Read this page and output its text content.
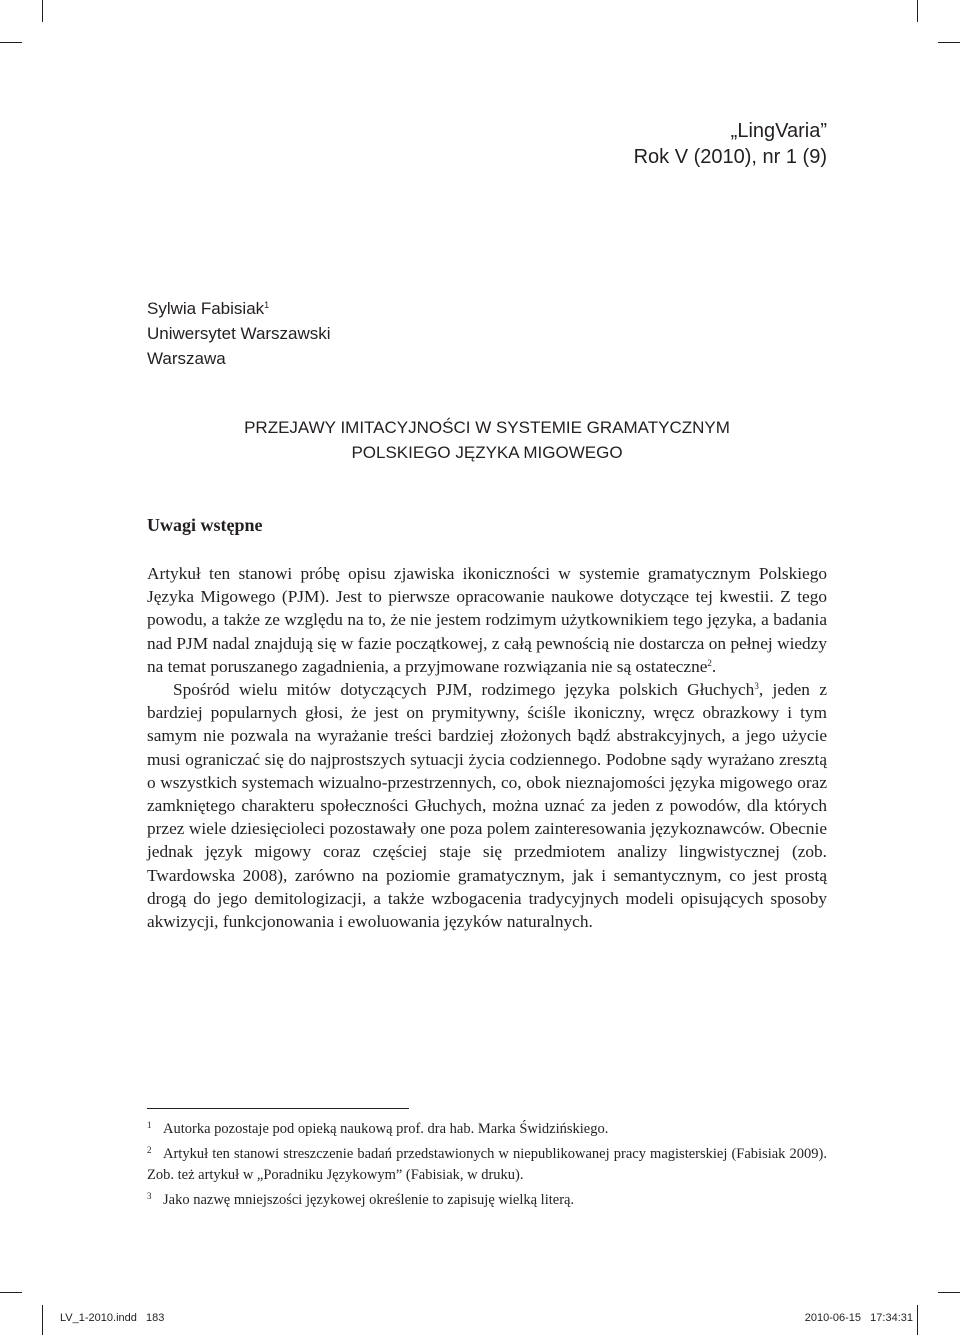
„LingVaria”
Rok V (2010), nr 1 (9)
Sylwia Fabisiak$^1$
Uniwersytet Warszawski
Warszawa
PRZEJAWY IMITACYJNOŚCI W SYSTEMIE GRAMATYCZNYM
POLSKIEGO JĘZYKA MIGOWEGO
Uwagi wstępne

Artykuł ten stanowi próbę opisu zjawiska ikoniczności w systemie gramatycznym Polskiego Języka Migowego (PJM). Jest to pierwsze opracowanie naukowe dotyczące tej kwestii. Z tego powodu, a także ze względu na to, że nie jestem rodzimym użytkownikiem tego języka, a badania nad PJM nadal znajdują się w fazie początkowej, z całą pewnością nie dostarcza on pełnej wiedzy na temat poruszanego zagadnienia, a przyjmowane rozwiązania nie są ostateczne$^2$.

Spośród wielu mitów dotyczących PJM, rodzimego języka polskich Głuchych$^3$, jeden z bardziej popularnych głosi, że jest on prymitywny, ściśle ikoniczny, wręcz obrazkowy i tym samym nie pozwala na wyrażanie treści bardziej złożonych bądź abstrakcyjnych, a jego użycie musi ograniczać się do najprostszych sytuacji życia codziennego. Podobne sądy wyrażano zresztą o wszystkich systemach wizualno-przestrzennych, co, obok nieznajomości języka migowego oraz zamkniętego charakteru społeczności Głuchych, można uznać za jeden z powodów, dla których przez wiele dziesięcioleci pozostawały one poza polem zainteresowania językoznawców. Obecnie jednak język migowy coraz częściej staje się przedmiotem analizy lingwistycznej (zob. Twardowska 2008), zarówno na poziomie gramatycznym, jak i semantycznym, co jest prostą drogą do jego demitologizacji, a także wzbogacenia tradycyjnych modeli opisujących sposoby akwizycji, funkcjonowania i ewoluowania języków naturalnych.

1 Autorka pozostaje pod opieką naukową prof. dra hab. Marka Świdzińskiego.

2 Artykuł ten stanowi streszczenie badań przedstawionych w niepublikowanej pracy magisterskiej (Fabisiak 2009). Zob. też artykuł w „Poradniku Językowym” (Fabisiak, w druku).

3 Jako nazwę mniejszości językowej określenie to zapisuję wielką literą.

LV_1-2010.indd 183	2010-06-15 17:34:31
